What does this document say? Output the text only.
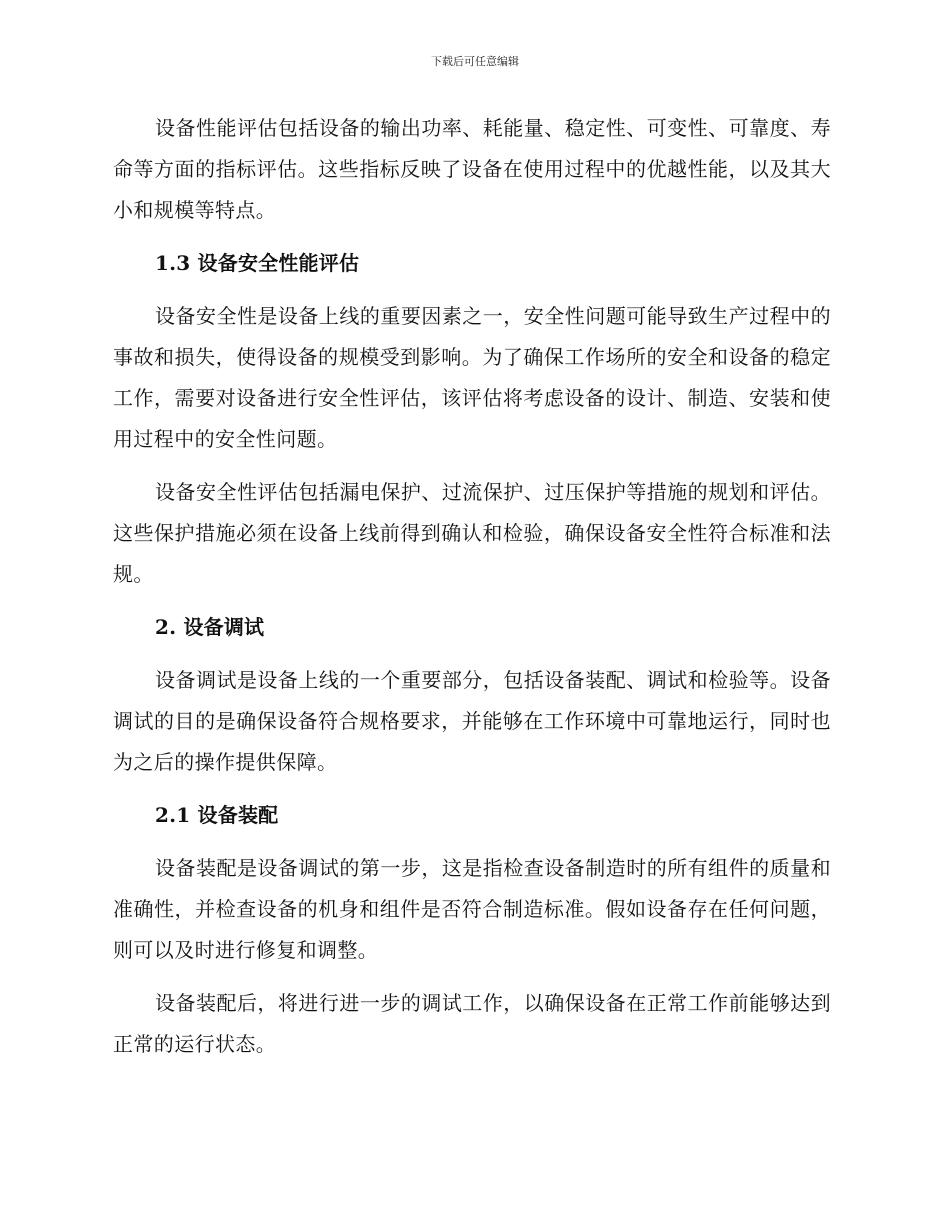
下载后可任意编辑

设备性能评估包括设备的输出功率、耗能量、稳定性、可变性、可靠度、寿命等方面的指标评估。这些指标反映了设备在使用过程中的优越性能，以及其大小和规模等特点。

1.3 设备安全性能评估

设备安全性是设备上线的重要因素之一，安全性问题可能导致生产过程中的事故和损失，使得设备的规模受到影响。为了确保工作场所的安全和设备的稳定工作，需要对设备进行安全性评估，该评估将考虑设备的设计、制造、安装和使用过程中的安全性问题。

设备安全性评估包括漏电保护、过流保护、过压保护等措施的规划和评估。这些保护措施必须在设备上线前得到确认和检验，确保设备安全性符合标准和法规。

2. 设备调试

设备调试是设备上线的一个重要部分，包括设备装配、调试和检验等。设备调试的目的是确保设备符合规格要求，并能够在工作环境中可靠地运行，同时也为之后的操作提供保障。

2.1 设备装配

设备装配是设备调试的第一步，这是指检查设备制造时的所有组件的质量和准确性，并检查设备的机身和组件是否符合制造标准。假如设备存在任何问题，则可以及时进行修复和调整。

设备装配后，将进行进一步的调试工作，以确保设备在正常工作前能够达到正常的运行状态。
